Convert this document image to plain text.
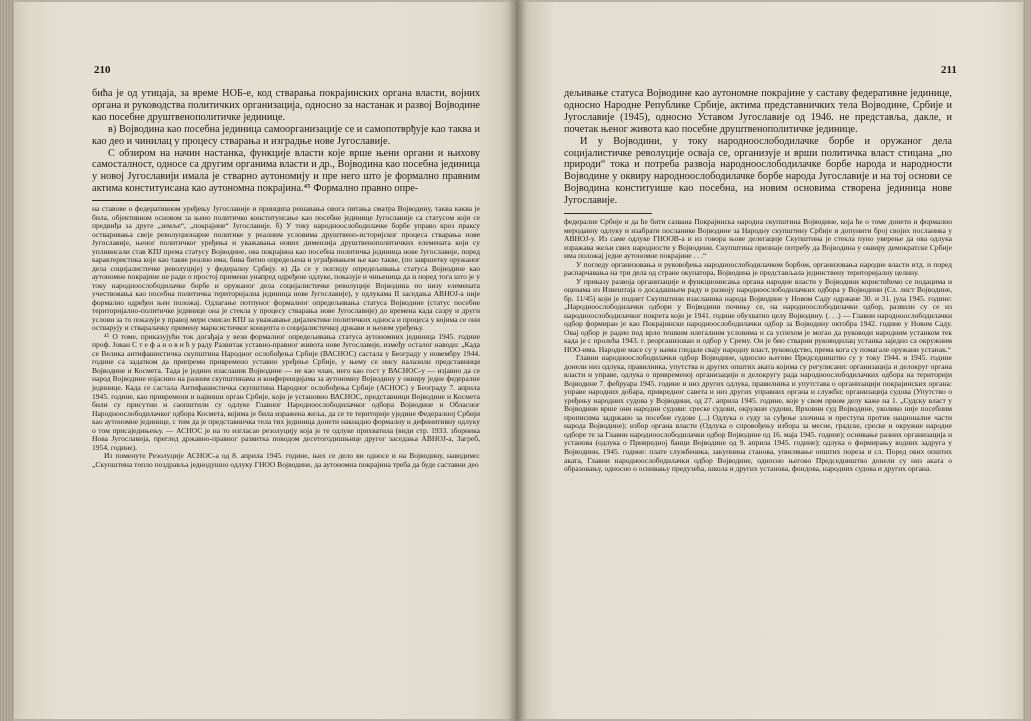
210

бића је од утицаја, за време НОБ-е, код стварања покрајинских органа власти, војних органа и руководства политичких организација, односно за настанак и развој Војводине као посебне друштвенополитичке јединице.

в) Војводина као посебна јединица самоорганизације се и самопотврђује као таква и као део и чинилац у процесу стварања и изградње нове Југославије.

С обзиром на начин настанка, функције власти које врше њени органи и њихову самосталност, односе са другим органима власти и др., Војводина као посебна јединица у новој Југославији имала је стварно аутономију и пре него што је формално правним актима конституисана као аутономна покрајина.⁴⁵ Формално правно опре-

на ставове о федеративном уређењу Југославије и принципа решавања овога питања сматра Војводину, таква каква је била, објективном основом за њено политичко конституисање као посебне јединице Југославије са статусом који се предвиђа за друге „земље“, „покрајине“ Југославије. б) У току народноослободилачке борбе управо кроз праксу остваривања свеје револуционарне политике у реалним условима друштвено-историјског процеса стварања нове Југославије, њеног политичког уређења и уважавања нових димензија друштвенополитичких елемената који су упливисали став КПЈ према статусу Војводине, ова покрајина као посебна политичка јединица нове Југославије, поред карактеристика које као такве реално има, бива битно опредељена и уграђивањем ње као такве, (по завршетку оружаног дела социјалистичке револуције) у федералну Србију. в) Да се у погледу опредељивања статуса Војводине као аутономне покрајине не ради о простој примени унапред одређене одлуке, показује и чињеница да и поред тога што је у току народноослободилачке борбе и оружаног дела социјалистичке револуције Војводина по низу елемената учествовања као посебна политичка територијална јединица нове Југославије), у одлукама II заседања АВНОЈ-а није формално одређен њен положај. Одлагање потпуног формалног опредељивања статуса Војводине (статус посебне територијално-политичке јединице она је стекла у процесу стварања нове Југославије) до времена када сазру и други услови за то показује у правој мери смисао КПЈ за уважавање дијалектике политичких односа и процеса у којима се они остварују и стваралачку примену марксистичког концепта о социјалистичкој држави и њеном уређењу.

⁴⁵ О томе, приказујући ток догађаја у вези формалног опредељивања статуса аутономних јединица 1945. године проф. Јован С т е ф а н о в и ћ у раду Развитак уставно-правног живота нове Југославије, између осталог наводи: „Када се Велика антифашистичка скупштина Народног ослобођења Србије (ВАСНОС) састала у Београду у новембру 1944. године са задатком да припреми привремено уставно уређење Србије, у њему се нису налазили представници Војводине и Космета. Тада је једино изасланик Војводине — не као члан, него као гост у ВАСНОС-у — изјавио да се народ Војводине изјаснио на разним скупштинама и конференцијама за аутономну Војводину у оквиру једне федералне јединице. Када се састала Антифашистичка скупштина Народног ослобођења Србије (АСНОС) у Београду 7. априла 1945. године, као привремени и највиши орган Србије, који је установио ВАСНОС, представници Војводине и Космета били су присутни и саопштили су одлуке Главног Народноослободилачког одбора Војводине и Обласног Народноослободилачког одбора Космета, којима је била изражена жеља, да се те територије уједине Федералној Србији као аутономне јединице, с тим да је представничка тела тих јединица донети накнадно формалну и дефинитивну одлуку о том присаједињењу. — АСНОС је на то изгласао резолуцију која је те одлуке прихватила (види стр. 1933. зборника Нова Југославија, преглед државно-правног развитка поводом десетогодишњице другог заседања АВНОЈ-а, Загреб, 1954, године).

Из поменуте Резолуције АСНОС-а од 8. априла 1945. године, њих се дело ви односе и на Војводину, наводимо: „Скупштина топло поздравља једнодушно одлуку ГНОО Војводине, да аутономна покрајина треба да буде саставни део

211

дељивање статуса Војводине као аутономне покрајине у саставу федеративне јединице, односно Народне Републике Србије, актима представничких тела Војводине, Србије и Југославије (1945), односно Уставом Југославије од 1946. не представља, дакле, и почетак њеног живота као посебне друштвенополитичке јединице.

И у Војводини, у току народноослободилачке борбе и оружаног дела социјалистичке револуције освајa се, организује и врши политичка власт стицана „по природи“ тока и потреба развоја народноослободилачке борбе народа и народности Војводине у оквиру народноослободилачке борбе народа Југославије и на тој основи се Војводина конституише као посебна, на новим основима створена јединица нове Југославије.

федералне Србије и да ће бити сазвана Покрајинска народна скупштина Војводине, која ће о томе донети и формално меродавну одлуку и изабрати посланике Војводине за Народну скупштину Србије и допунити број својих посланика у АВНОЈ-у. Из саме одлуке ГНООВ-а и из говора њове делегације Скупштина је стекла пуно уверење да ова одлука изражава жељи свих народности у Војводини. Скупштина признаје потребу да Војводина у оквиру демократске Србије има положај једне аутономне покрајине . . .“

У погледу организовања и руковођења народноослободилачком борбом, организовања народне власти итд. и поред распарчавања на три дела од стране окупатора, Војводина је представљала јединствену територијалну целину.

У приказу развоја организације и функционисања органа народне власти у Војводини користићемо се подацима и оценама из Извештаја о досадашњем раду и развоју народноослободилачких одбора у Војводини (Сл. лист Војводине, бр. 11/45) који је поднет Скупштини изасланика народа Војводине у Новом Саду одржане 30. и 31. јула 1945. године: „Народноослободилачки одбори у Војводини почињу се, на народноослободилачки одбор, развили су се из народноослободилачког покрета који је 1941. године обухватио целу Војводину. (. . .) — Главни народноослободилачки одбор формиран је као Покрајински народноослободилачки одбор за Војводину октобра 1942. године у Новом Саду. Овај одбор је радио под врло тешким илегалним условима и са успехом је могао да руководи народним устанком тек када је с пролећа 1943. г. реорганизован и одбор у Срему. Он је био стварни руководилац устанка заједно са окружним НОО-има. Народне масе су у њима гледале свају народну власт, руководство, према кога су помагале оружани устанак.“

Главни народноослободилачки одбор Војводине, односно његово Председништво су у току 1944. и 1945. године донели низ одлука, правилника, упутства и других општих аката којима су регулисани: организација и делокруг органа власти и управе, одлука о привременој организацији и делокругу рада народноослободилачких одбора на територији Војводине 7. фебруара 1945. године и низ других одлука, правилника и упутстава о организацији покрајинских органа: управе народних добара, привредног савета и низ других управних органа и служби; организација судова (Упутство о уређењу народних судова у Војводини, од 27. априла 1945. године, које у свом првом делу каже на 1. „Судску власт у Војводини врше они народни судови: среске судови, окружни судови, Врховни суд Војводине, уколико није посебним прописима задржано за посебне судове (...) Одлука о суду за суђење злочина и преступа против националне части народа Војводине); избор органа власти (Одлука о спровођењу избора за месне, градске, среске и окружне народне одборе те за Главни народноослободилачки одбор Војводине од 16. маја 1945. године); оснивање разних организација и установа (одлука о Привредној банци Војводине од 9. априла 1945. године); одлука о формирању водних задруга у Војводини, 1945. године: плате службеника, закупнина станова, уписивање општих пореза и сл. Поред ових општих аката, Главни народноослободилачки одбор Војводине, односно његово Председништво донели су низ аката о образовању, односно о оснивању предузећа, школа и других установа, фондова, народних судова и других органа.
